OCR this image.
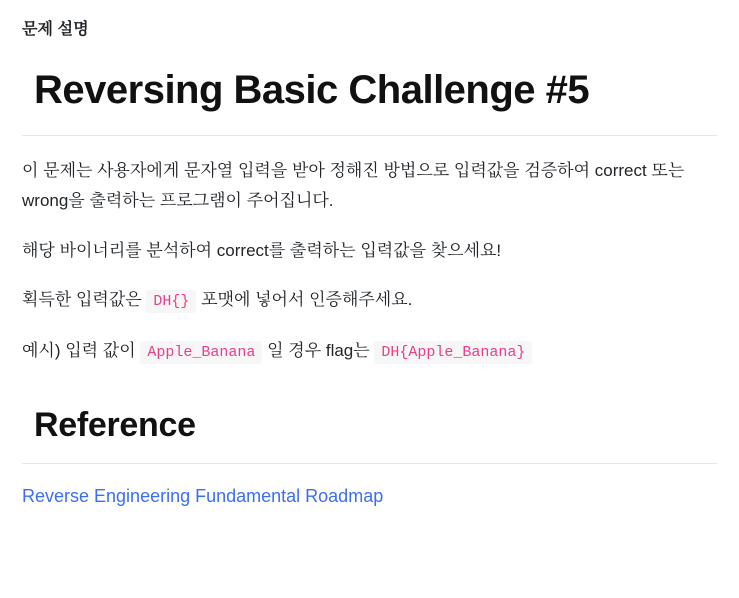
문제 설명
Reversing Basic Challenge #5

이 문제는 사용자에게 문자열 입력을 받아 정해진 방법으로 입력값을 검증하여 correct 또는 wrong을 출력하는 프로그램이 주어집니다.

해당 바이너리를 분석하여 correct를 출력하는 입력값을 찾으세요!

획득한 입력값은 DH{} 포맷에 넣어서 인증해주세요.

예시) 입력 값이 Apple_Banana 일 경우 flag는 DH{Apple_Banana}

Reference
Reverse Engineering Fundamental Roadmap
